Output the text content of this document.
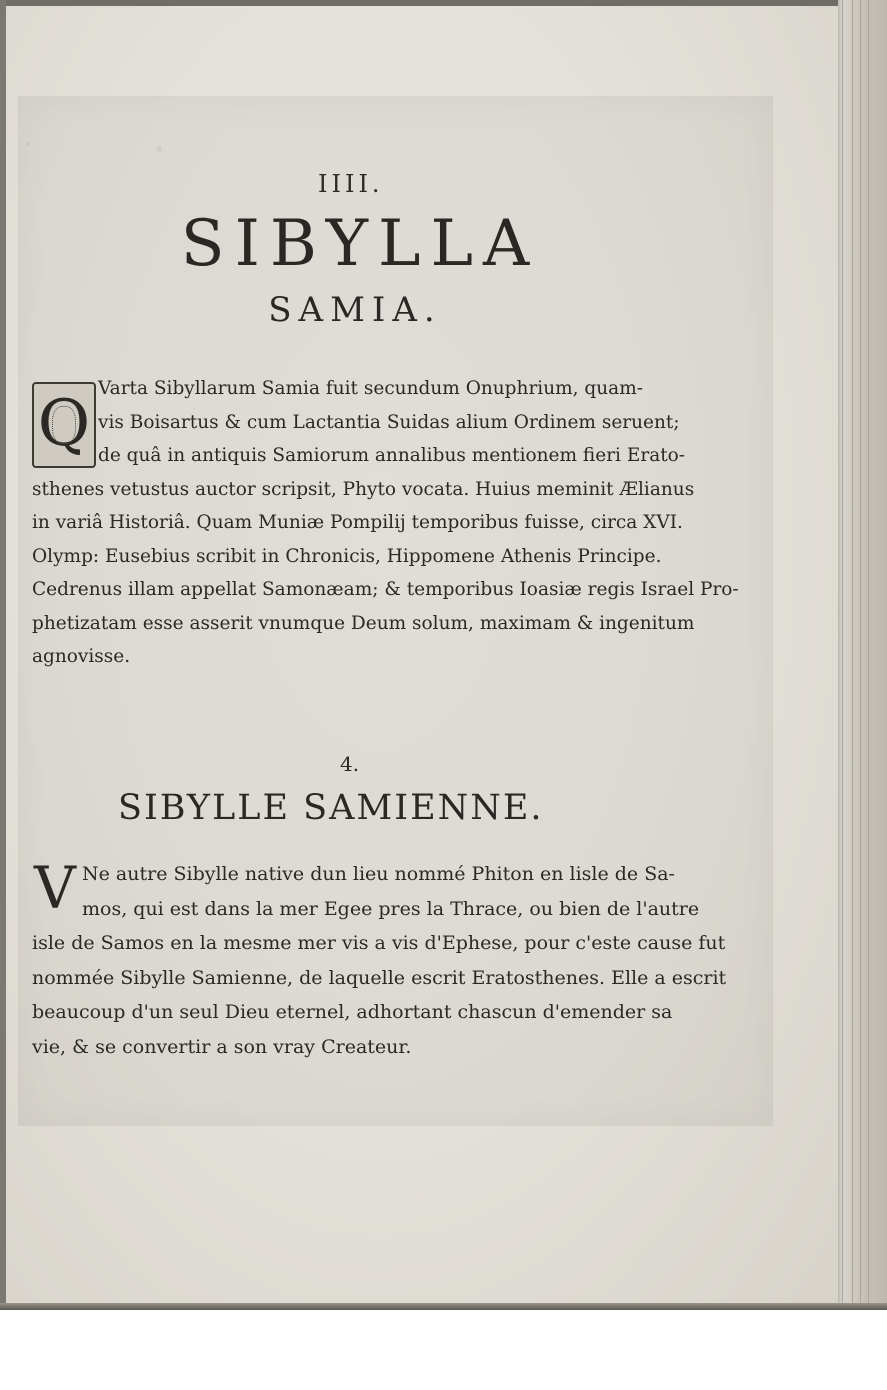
IIII.
SIBYLLA
SAMIA.
Q Varta Sibyllarum Samia fuit secundum Onuphrium, quam-
vis Boisartus & cum Lactantia Suidas alium Ordinem seruent;
de quâ in antiquis Samiorum annalibus mentionem fieri Erato-
sthenes vetustus auctor scripsit, Phyto vocata. Huius meminit Ælianus
in variâ Historiâ. Quam Muniæ Pompilij temporibus fuisse, circa XVI.
Olymp: Eusebius scribit in Chronicis, Hippomene Athenis Principe.
Cedrenus illam appellat Samonæam; & temporibus Ioasiæ regis Israel Pro-
phetizatam esse asserit vnumque Deum solum, maximam & ingenitum
agnovisse.
4.
SIBYLLE SAMIENNE.
V Ne autre Sibylle native dun lieu nommé Phiton en lisle de Sa-
mos, qui est dans la mer Egee pres la Thrace, ou bien de l'autre
isle de Samos en la mesme mer vis a vis d'Ephese, pour c'este cause fut
nommée Sibylle Samienne, de laquelle escrit Eratosthenes. Elle a escrit
beaucoup d'un seul Dieu eternel, adhortant chascun d'emender sa
vie, & se convertir a son vray Createur.
